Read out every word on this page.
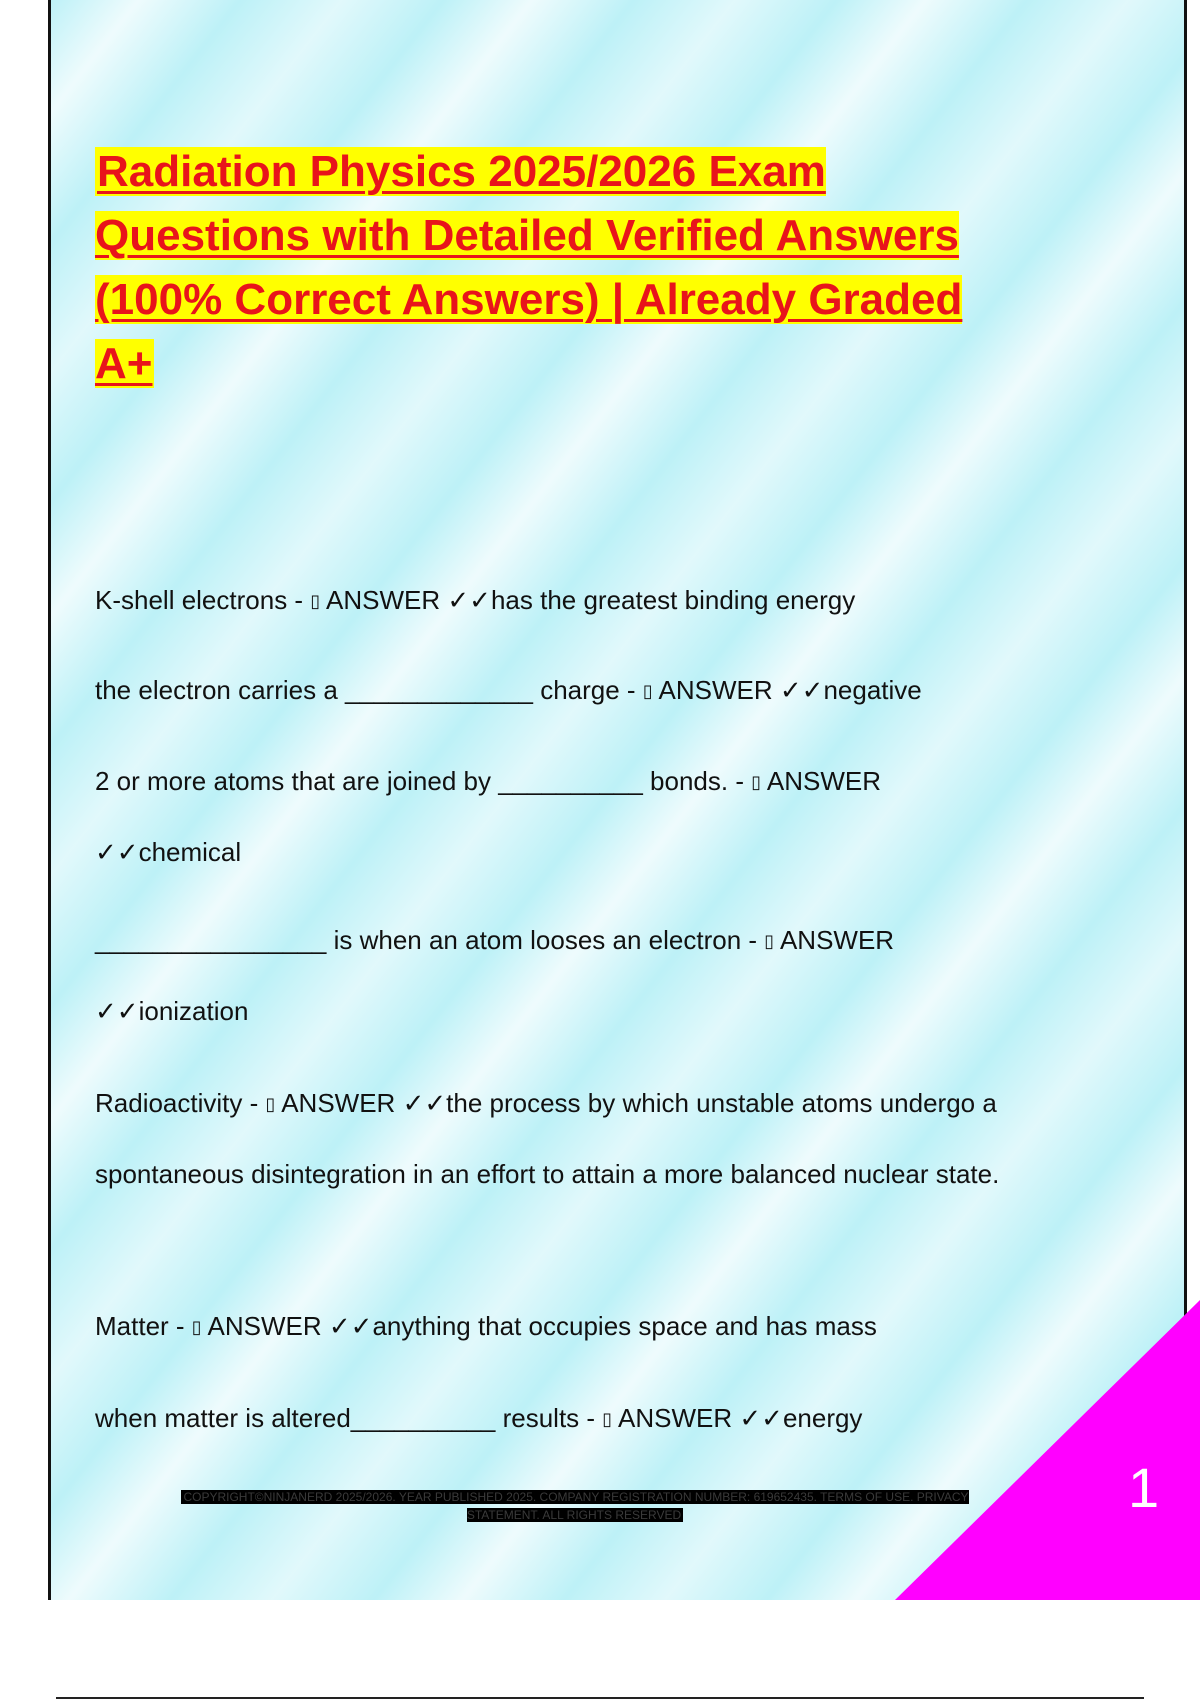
Radiation Physics 2025/2026 Exam Questions with Detailed Verified Answers (100% Correct Answers) | Already Graded A+

K-shell electrons - ▯ ANSWER ✓✓has the greatest binding energy

the electron carries a _____________ charge - ▯ ANSWER ✓✓negative

2 or more atoms that are joined by __________ bonds. - ▯ ANSWER ✓✓chemical

________________ is when an atom looses an electron - ▯ ANSWER ✓✓ionization

Radioactivity - ▯ ANSWER ✓✓the process by which unstable atoms undergo a spontaneous disintegration in an effort to attain a more balanced nuclear state.

Matter - ▯ ANSWER ✓✓anything that occupies space and has mass

when matter is altered__________ results - ▯ ANSWER ✓✓energy

COPYRIGHT©NINJANERD 2025/2026. YEAR PUBLISHED 2025. COMPANY REGISTRATION NUMBER: 619652435. TERMS OF USE. PRIVACY STATEMENT. ALL RIGHTS RESERVED	1
